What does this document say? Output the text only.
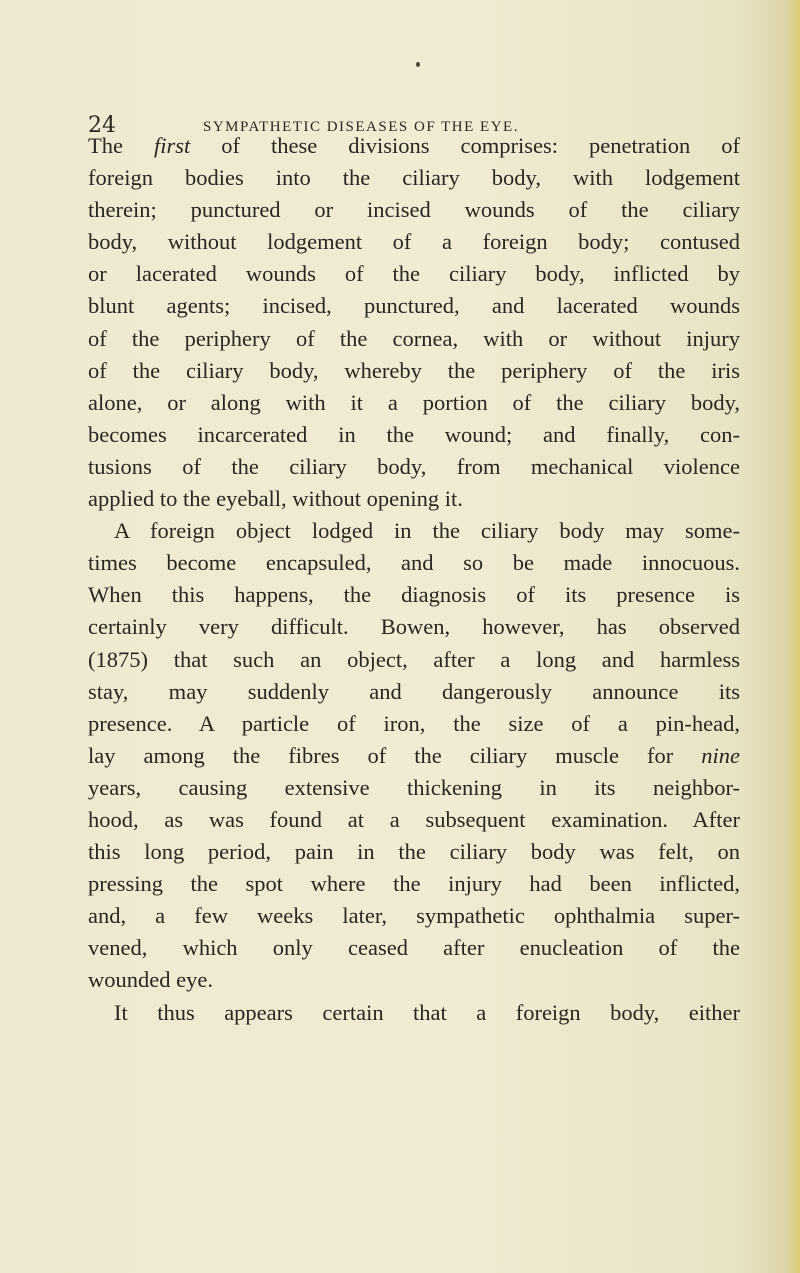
24	SYMPATHETIC DISEASES OF THE EYE.
The first of these divisions comprises: penetration of
foreign bodies into the ciliary body, with lodgement
therein; punctured or incised wounds of the ciliary
body, without lodgement of a foreign body; contused
or lacerated wounds of the ciliary body, inflicted by
blunt agents; incised, punctured, and lacerated wounds
of the periphery of the cornea, with or without injury
of the ciliary body, whereby the periphery of the iris
alone, or along with it a portion of the ciliary body,
becomes incarcerated in the wound; and finally, con-
tusions of the ciliary body, from mechanical violence
applied to the eyeball, without opening it.
A foreign object lodged in the ciliary body may some-
times become encapsuled, and so be made innocuous.
When this happens, the diagnosis of its presence is
certainly very difficult. Bowen, however, has observed
(1875) that such an object, after a long and harmless
stay, may suddenly and dangerously announce its
presence. A particle of iron, the size of a pin-head,
lay among the fibres of the ciliary muscle for nine
years, causing extensive thickening in its neighbor-
hood, as was found at a subsequent examination. After
this long period, pain in the ciliary body was felt, on
pressing the spot where the injury had been inflicted,
and, a few weeks later, sympathetic ophthalmia super-
vened, which only ceased after enucleation of the
wounded eye.
It thus appears certain that a foreign body, either
